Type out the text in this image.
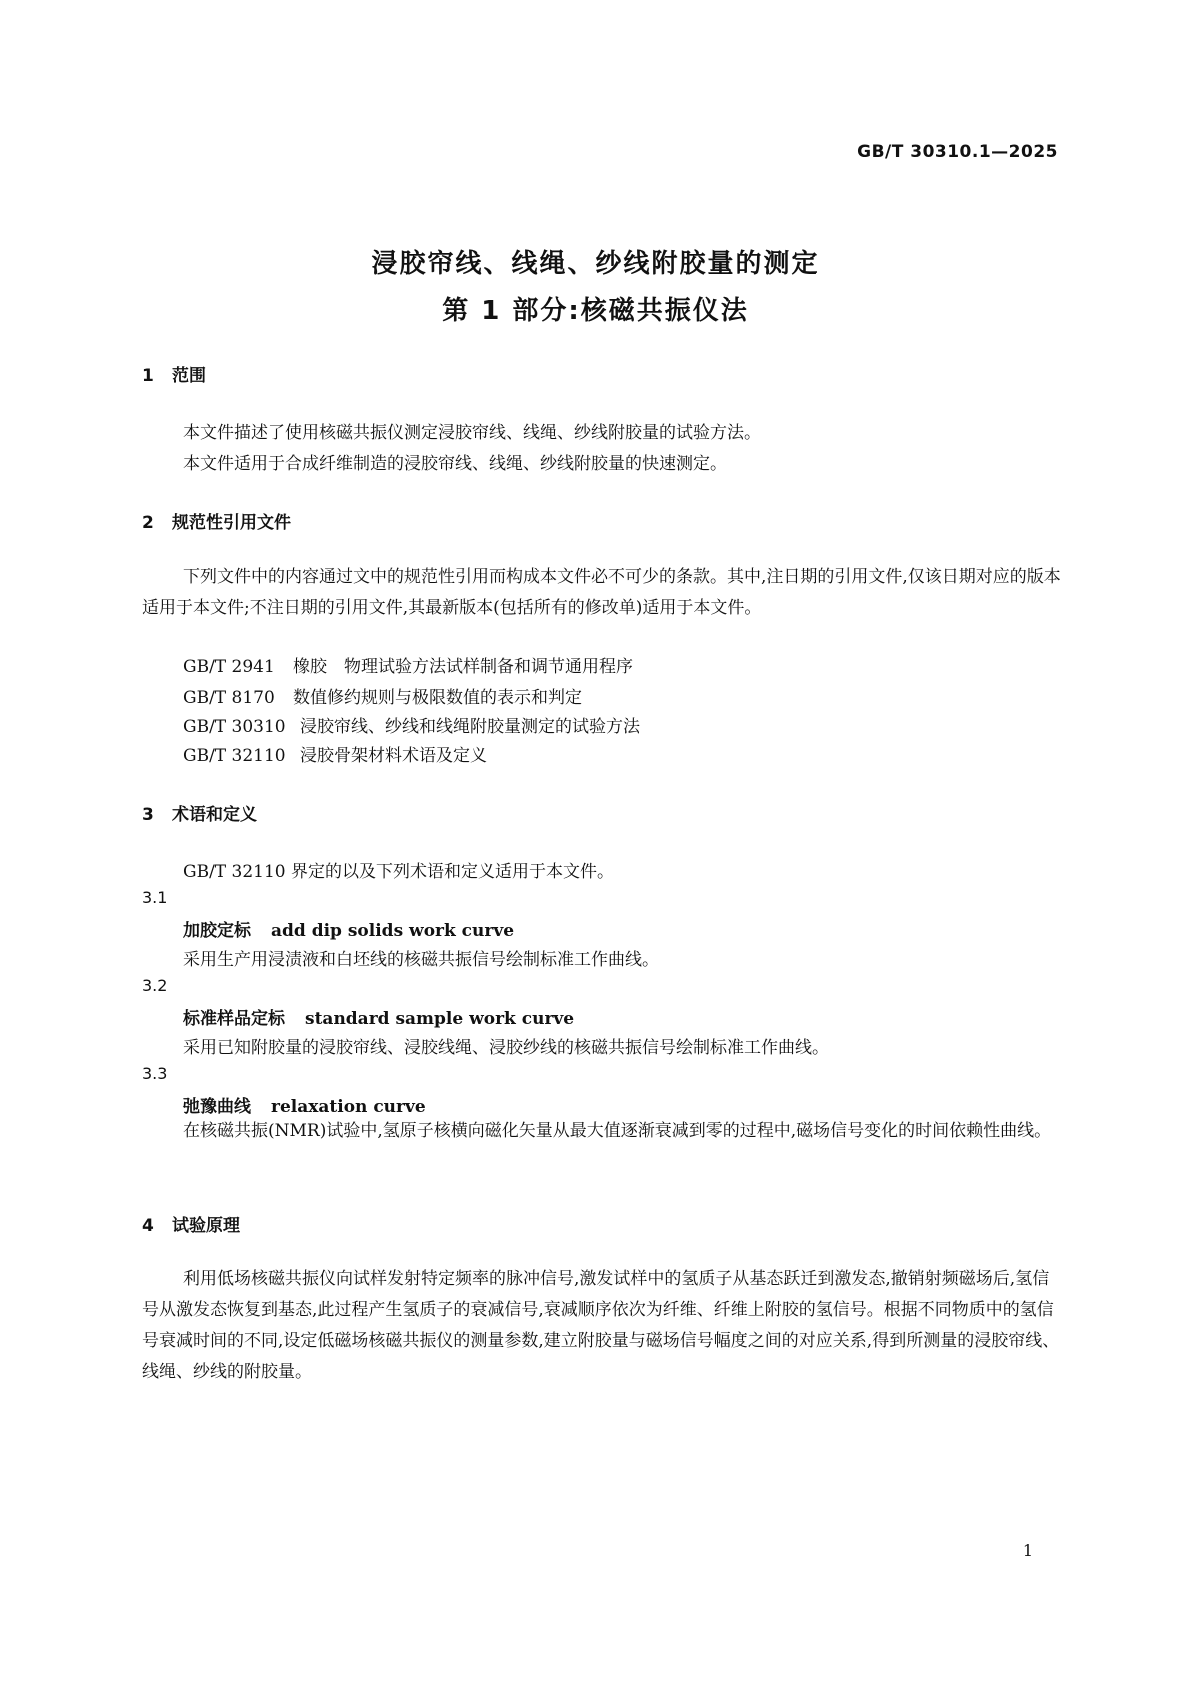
GB/T 30310.1—2025
浸胶帘线、线绳、纱线附胶量的测定
第 1 部分:核磁共振仪法
1 范围
本文件描述了使用核磁共振仪测定浸胶帘线、线绳、纱线附胶量的试验方法。
本文件适用于合成纤维制造的浸胶帘线、线绳、纱线附胶量的快速测定。
2 规范性引用文件
下列文件中的内容通过文中的规范性引用而构成本文件必不可少的条款。其中,注日期的引用文件,仅该日期对应的版本适用于本文件;不注日期的引用文件,其最新版本(包括所有的修改单)适用于本文件。
GB/T 2941 橡胶　物理试验方法试样制备和调节通用程序
GB/T 8170 数值修约规则与极限数值的表示和判定
GB/T 30310 浸胶帘线、纱线和线绳附胶量测定的试验方法
GB/T 32110 浸胶骨架材料术语及定义
3 术语和定义
GB/T 32110 界定的以及下列术语和定义适用于本文件。
3.1
加胶定标 add dip solids work curve
采用生产用浸渍液和白坯线的核磁共振信号绘制标准工作曲线。
3.2
标准样品定标 standard sample work curve
采用已知附胶量的浸胶帘线、浸胶线绳、浸胶纱线的核磁共振信号绘制标准工作曲线。
3.3
弛豫曲线 relaxation curve
在核磁共振(NMR)试验中,氢原子核横向磁化矢量从最大值逐渐衰减到零的过程中,磁场信号变化的时间依赖性曲线。
4 试验原理
利用低场核磁共振仪向试样发射特定频率的脉冲信号,激发试样中的氢质子从基态跃迁到激发态,撤销射频磁场后,氢信号从激发态恢复到基态,此过程产生氢质子的衰减信号,衰减顺序依次为纤维、纤维上附胶的氢信号。根据不同物质中的氢信号衰减时间的不同,设定低磁场核磁共振仪的测量参数,建立附胶量与磁场信号幅度之间的对应关系,得到所测量的浸胶帘线、线绳、纱线的附胶量。
1
